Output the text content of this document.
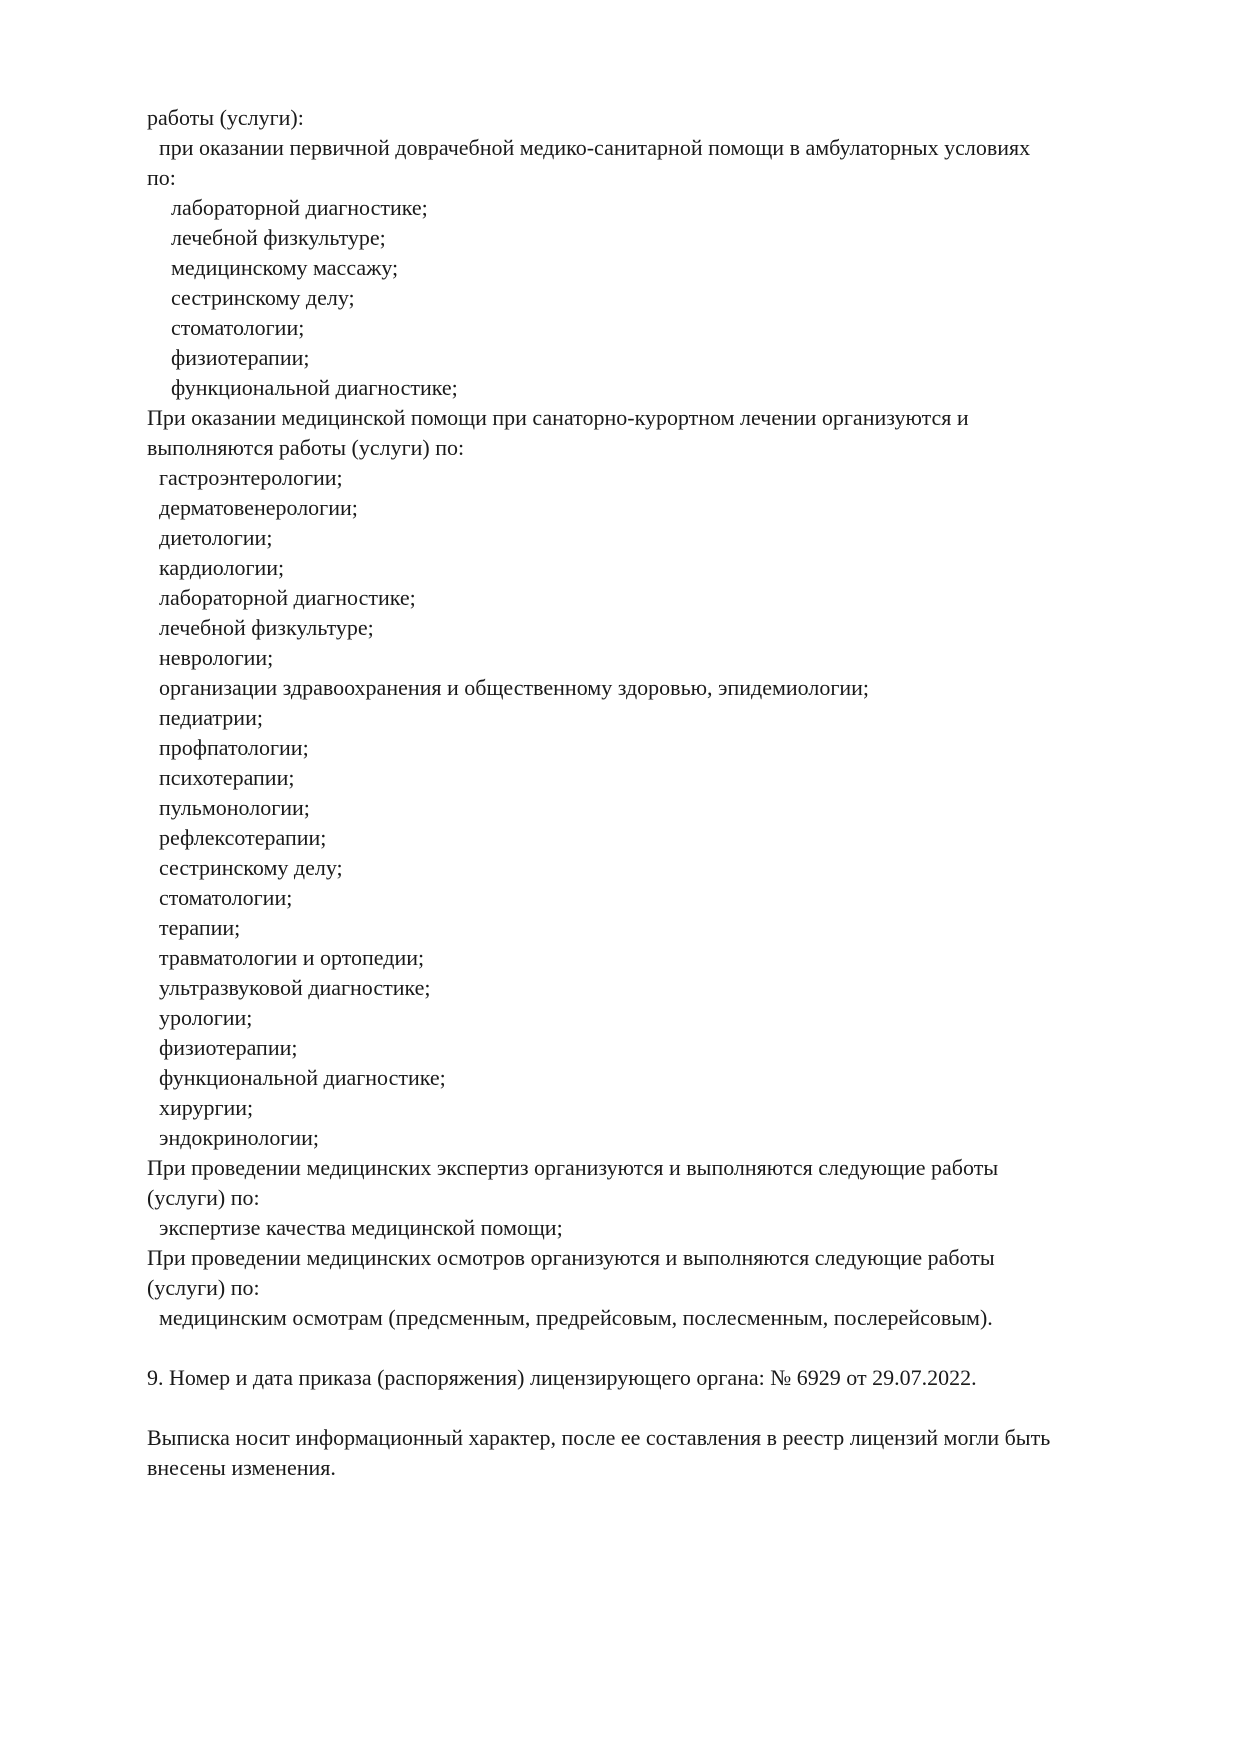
работы (услуги):
при оказании первичной доврачебной медико-санитарной помощи в амбулаторных условиях
по:
лабораторной диагностике;
лечебной физкультуре;
медицинскому массажу;
сестринскому делу;
стоматологии;
физиотерапии;
функциональной диагностике;
При оказании медицинской помощи при санаторно-курортном лечении организуются и
выполняются работы (услуги) по:
гастроэнтерологии;
дерматовенерологии;
диетологии;
кардиологии;
лабораторной диагностике;
лечебной физкультуре;
неврологии;
организации здравоохранения и общественному здоровью, эпидемиологии;
педиатрии;
профпатологии;
психотерапии;
пульмонологии;
рефлексотерапии;
сестринскому делу;
стоматологии;
терапии;
травматологии и ортопедии;
ультразвуковой диагностике;
урологии;
физиотерапии;
функциональной диагностике;
хирургии;
эндокринологии;
При проведении медицинских экспертиз организуются и выполняются следующие работы
(услуги) по:
экспертизе качества медицинской помощи;
При проведении медицинских осмотров организуются и выполняются следующие работы
(услуги) по:
медицинским осмотрам (предсменным, предрейсовым, послесменным, послерейсовым).
9. Номер и дата приказа (распоряжения) лицензирующего органа: № 6929 от 29.07.2022.
Выписка носит информационный характер, после ее составления в реестр лицензий могли быть
внесены изменения.
